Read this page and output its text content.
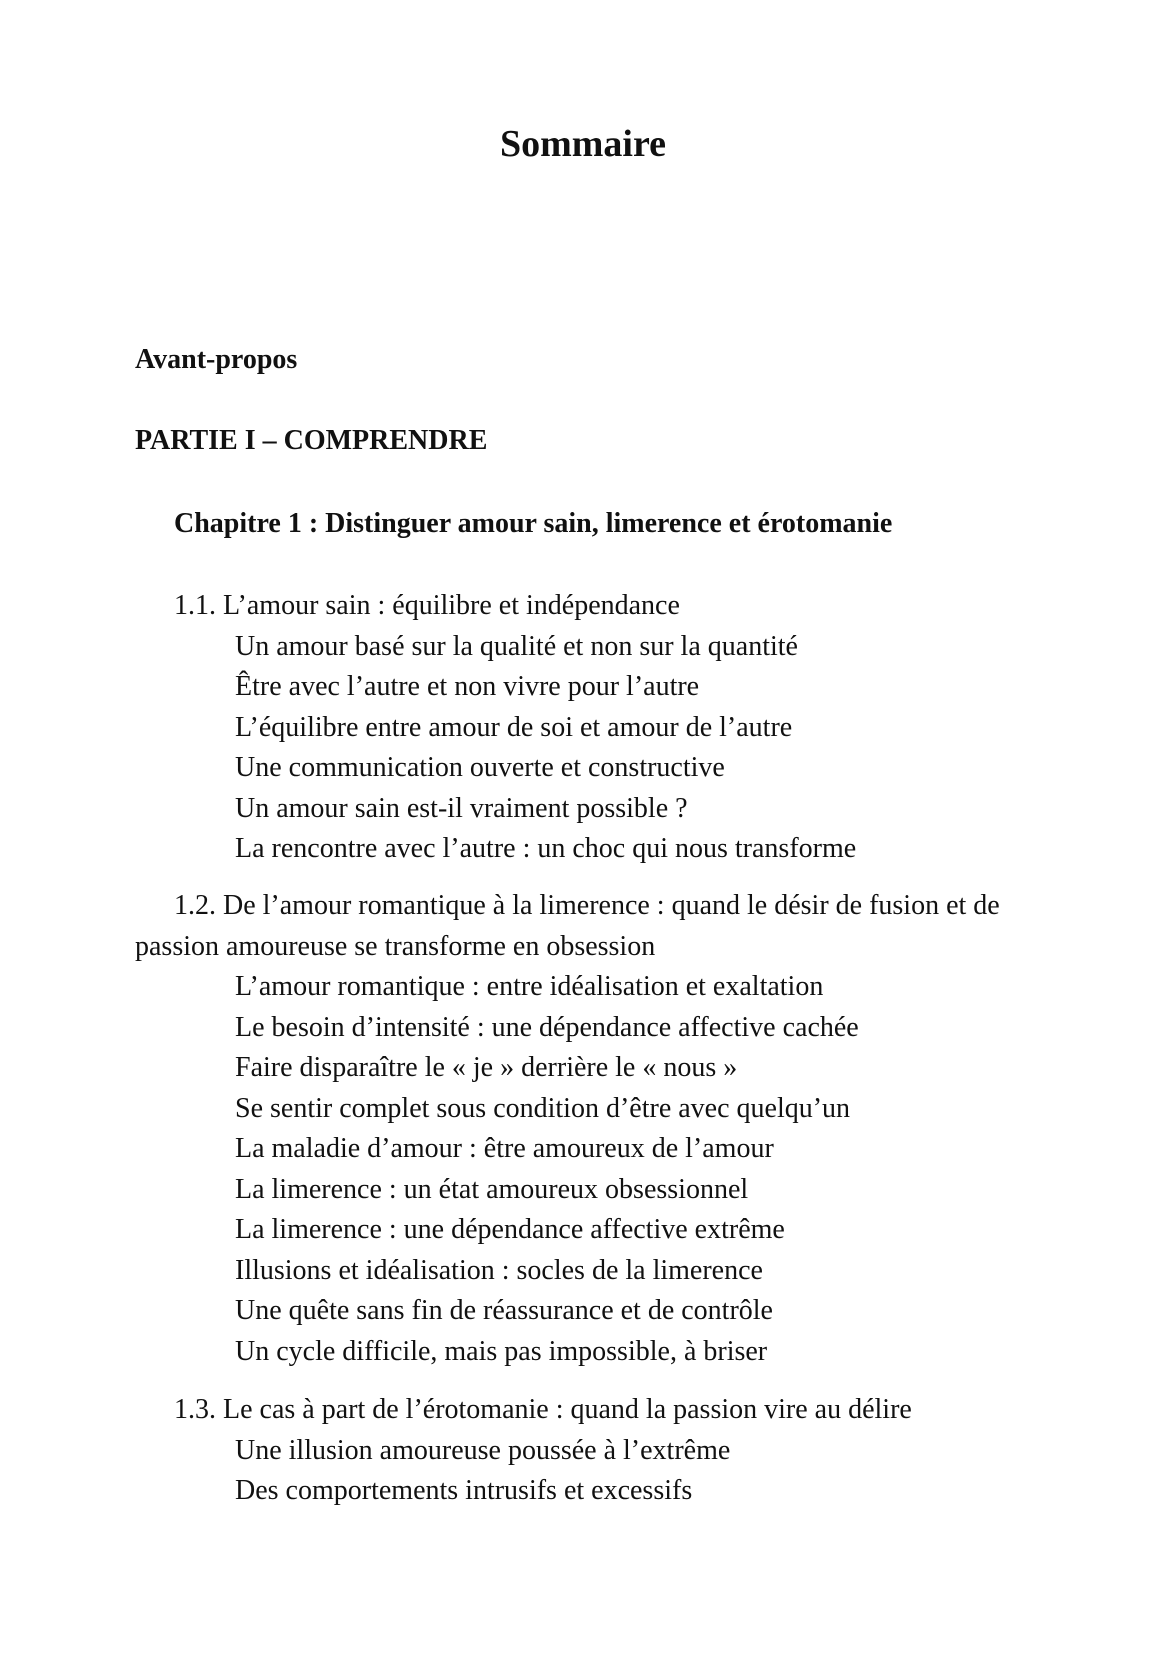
Sommaire
Avant-propos
PARTIE I – COMPRENDRE
Chapitre 1 : Distinguer amour sain, limerence et érotomanie

1.1. L’amour sain : équilibre et indépendance

Un amour basé sur la qualité et non sur la quantité
Être avec l’autre et non vivre pour l’autre
L’équilibre entre amour de soi et amour de l’autre
Une communication ouverte et constructive
Un amour sain est-il vraiment possible ?
La rencontre avec l’autre : un choc qui nous transforme

1.2. De l’amour romantique à la limerence : quand le désir de fusion et de passion amoureuse se transforme en obsession

L’amour romantique : entre idéalisation et exaltation
Le besoin d’intensité : une dépendance affective cachée
Faire disparaître le « je » derrière le « nous »
Se sentir complet sous condition d’être avec quelqu’un
La maladie d’amour : être amoureux de l’amour
La limerence : un état amoureux obsessionnel
La limerence : une dépendance affective extrême
Illusions et idéalisation : socles de la limerence
Une quête sans fin de réassurance et de contrôle
Un cycle difficile, mais pas impossible, à briser

1.3. Le cas à part de l’érotomanie : quand la passion vire au délire

Une illusion amoureuse poussée à l’extrême
Des comportements intrusifs et excessifs
